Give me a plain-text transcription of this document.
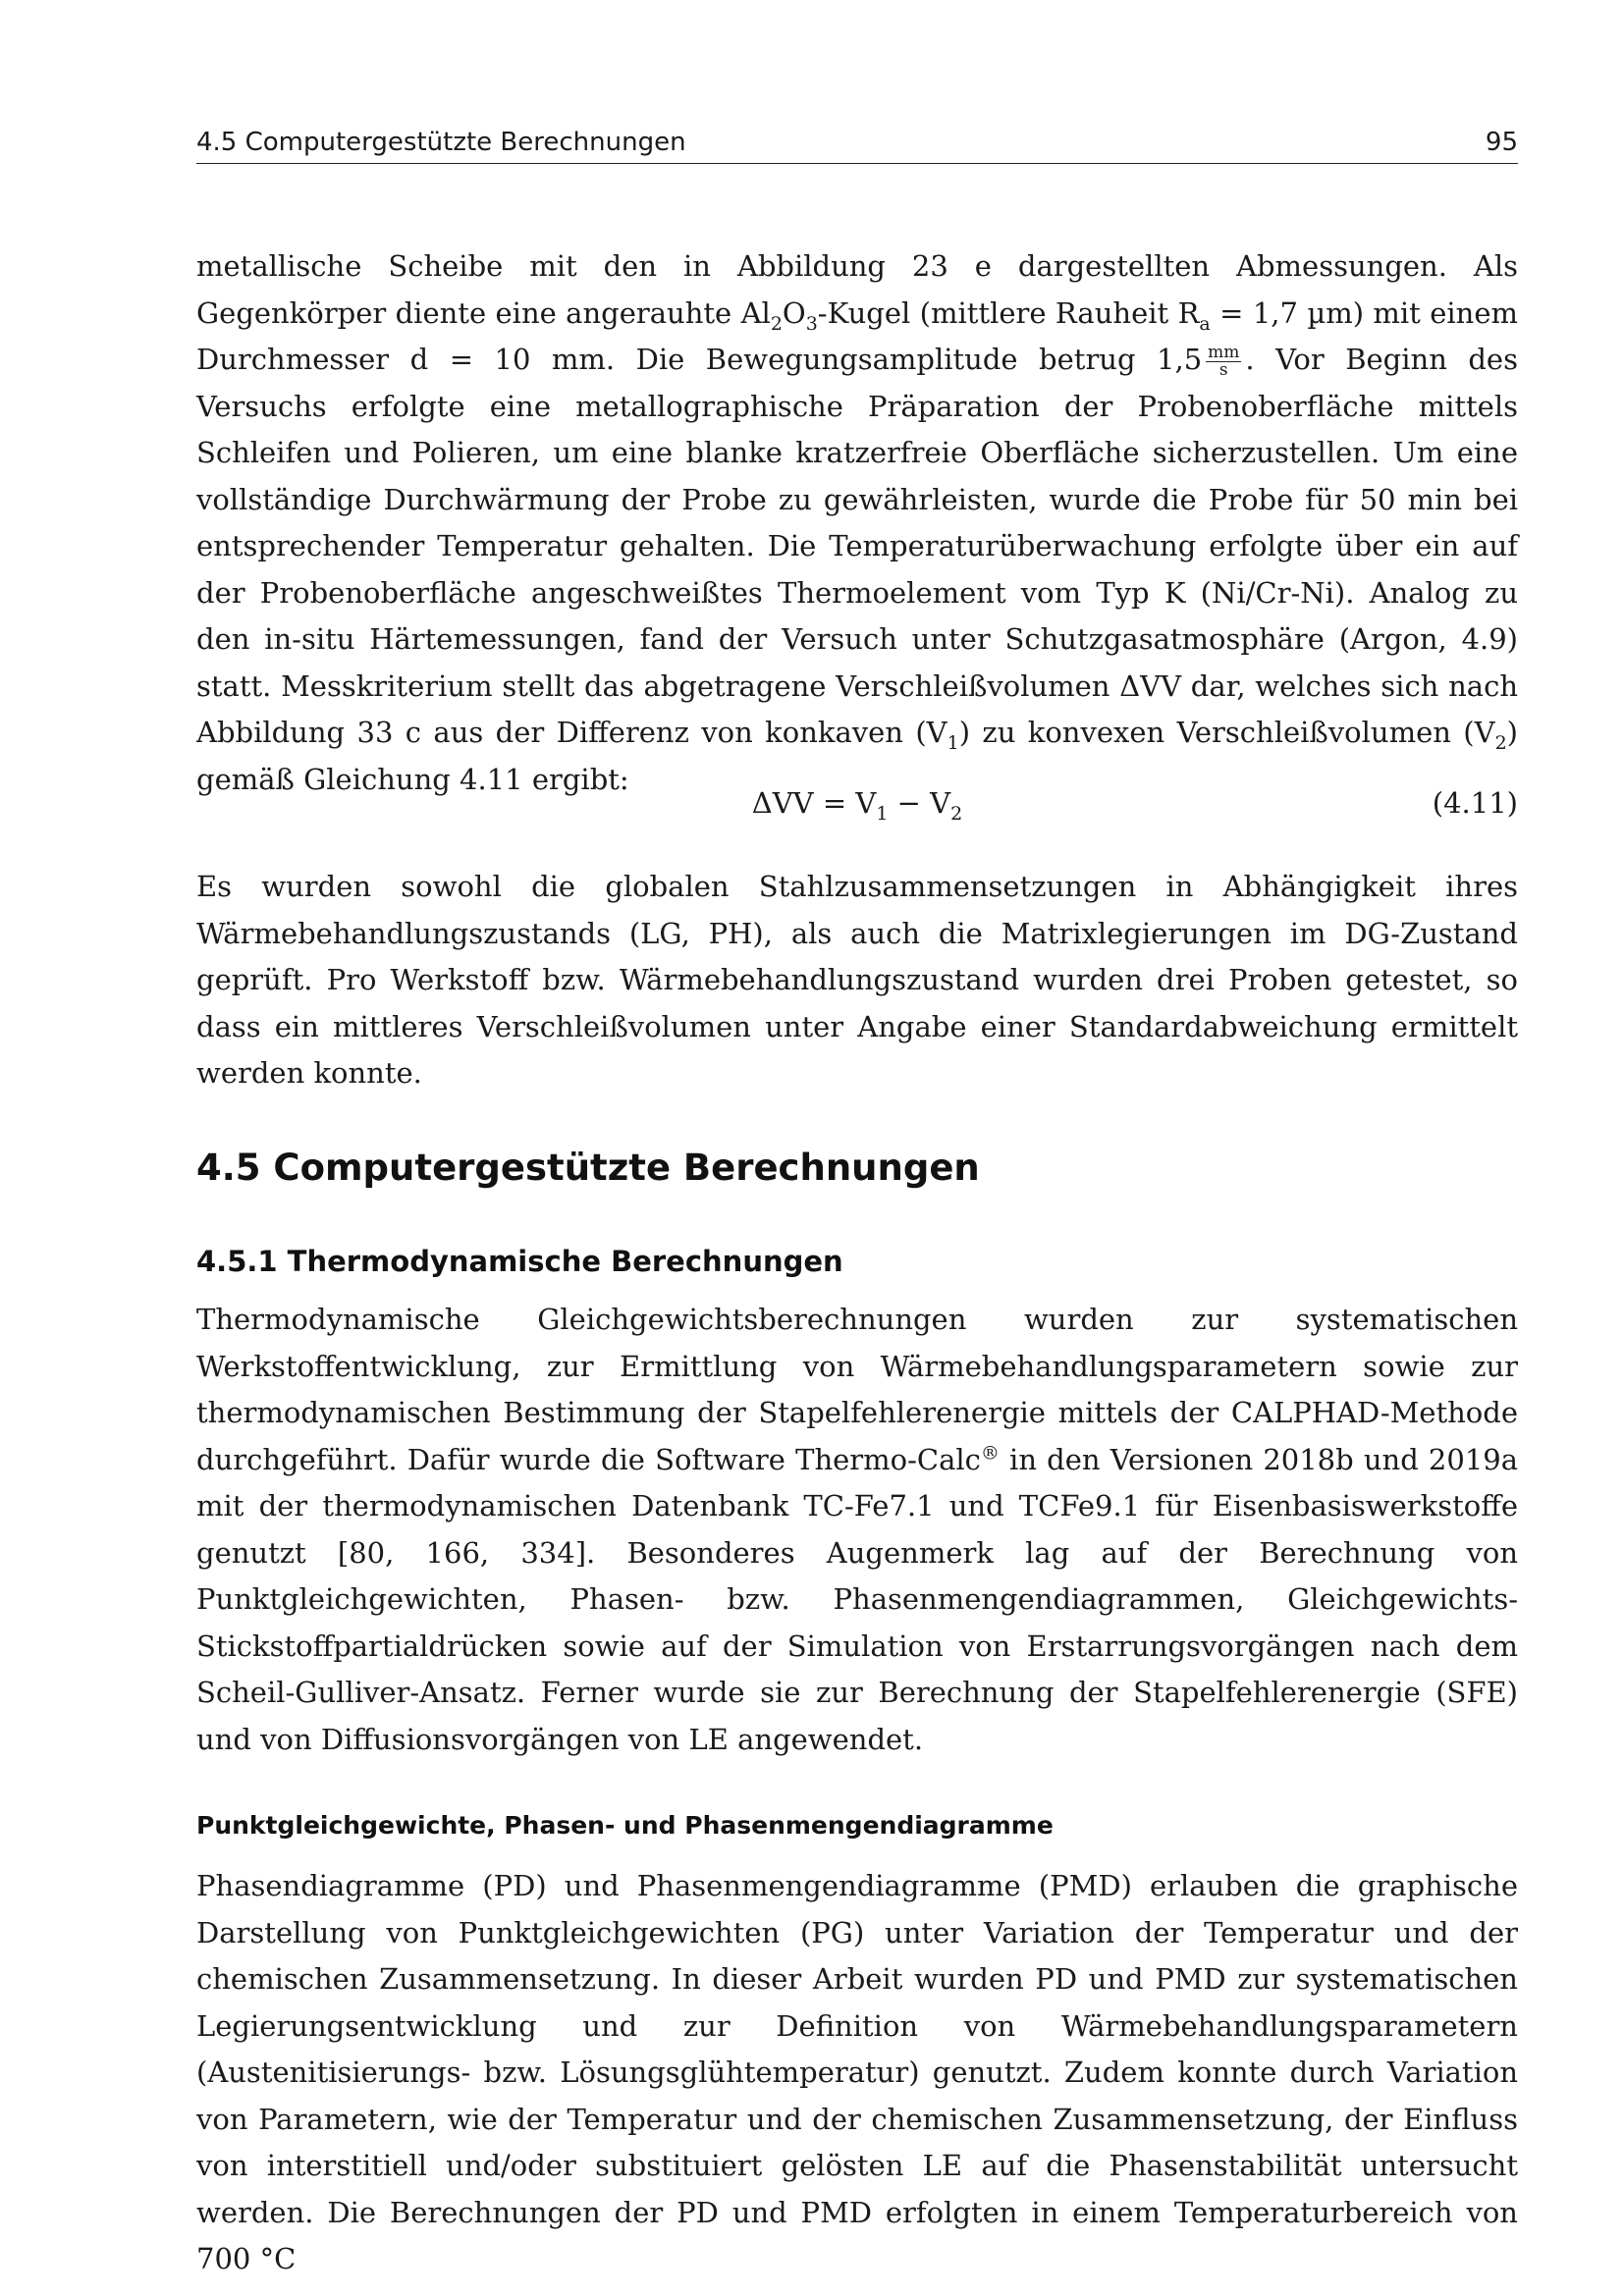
4.5 Computergestützte Berechnungen	95

metallische Scheibe mit den in Abbildung 23 e dargestellten Abmessungen. Als Gegenkörper diente eine angerauhte $Al_2O_3$-Kugel (mittlere Rauheit $R_a = 1,7$ µm) mit einem Durchmesser d = 10 mm. Die Bewegungsamplitude betrug $1,5 \frac{mm}{s}$ . Vor Beginn des Versuchs erfolgte eine metallographische Präparation der Probenoberfläche mittels Schleifen und Polieren, um eine blanke kratzerfreie Oberfläche sicherzustellen. Um eine vollständige Durchwärmung der Probe zu gewährleisten, wurde die Probe für 50 min bei entsprechender Temperatur gehalten. Die Temperaturüberwachung erfolgte über ein auf der Probenoberfläche angeschweißtes Thermoelement vom Typ K (Ni/Cr-Ni). Analog zu den in-situ Härtemessungen, fand der Versuch unter Schutzgasatmosphäre (Argon, 4.9) statt. Messkriterium stellt das abgetragene Verschleißvolumen ΔVV dar, welches sich nach Abbildung 33 c aus der Differenz von konkaven $(V_1)$ zu konvexen Verschleißvolumen $(V_2)$ gemäß Gleichung 4.11 ergibt:

$\Delta VV = V_1 - V_2$	(4.11)

Es wurden sowohl die globalen Stahlzusammensetzungen in Abhängigkeit ihres Wärmebehandlungszustands (LG, PH), als auch die Matrixlegierungen im DG-Zustand geprüft. Pro Werkstoff bzw. Wärmebehandlungszustand wurden drei Proben getestet, so dass ein mittleres Verschleißvolumen unter Angabe einer Standardabweichung ermittelt werden konnte.

4.5 Computergestützte Berechnungen
4.5.1 Thermodynamische Berechnungen

Thermodynamische Gleichgewichtsberechnungen wurden zur systematischen Werkstoffentwicklung, zur Ermittlung von Wärmebehandlungsparametern sowie zur thermodynamischen Bestimmung der Stapelfehlerenergie mittels der CALPHAD-Methode durchgeführt. Dafür wurde die Software Thermo-Calc® in den Versionen 2018b und 2019a mit der thermodynamischen Datenbank TC-Fe7.1 und TCFe9.1 für Eisenbasiswerkstoffe genutzt [80, 166, 334]. Besonderes Augenmerk lag auf der Berechnung von Punktgleichgewichten, Phasen- bzw. Phasenmengendiagrammen, Gleichgewichts-Stickstoffpartialdrücken sowie auf der Simulation von Erstarrungsvorgängen nach dem Scheil-Gulliver-Ansatz. Ferner wurde sie zur Berechnung der Stapelfehlerenergie (SFE) und von Diffusionsvorgängen von LE angewendet.

Punktgleichgewichte, Phasen- und Phasenmengendiagramme

Phasendiagramme (PD) und Phasenmengendiagramme (PMD) erlauben die graphische Darstellung von Punktgleichgewichten (PG) unter Variation der Temperatur und der chemischen Zusammensetzung. In dieser Arbeit wurden PD und PMD zur systematischen Legierungsentwicklung und zur Definition von Wärmebehandlungsparametern (Austenitisierungs- bzw. Lösungsglühtemperatur) genutzt. Zudem konnte durch Variation von Parametern, wie der Temperatur und der chemischen Zusammensetzung, der Einfluss von interstitiell und/oder substituiert gelösten LE auf die Phasenstabilität untersucht werden. Die Berechnungen der PD und PMD erfolgten in einem Temperaturbereich von 700 °C
